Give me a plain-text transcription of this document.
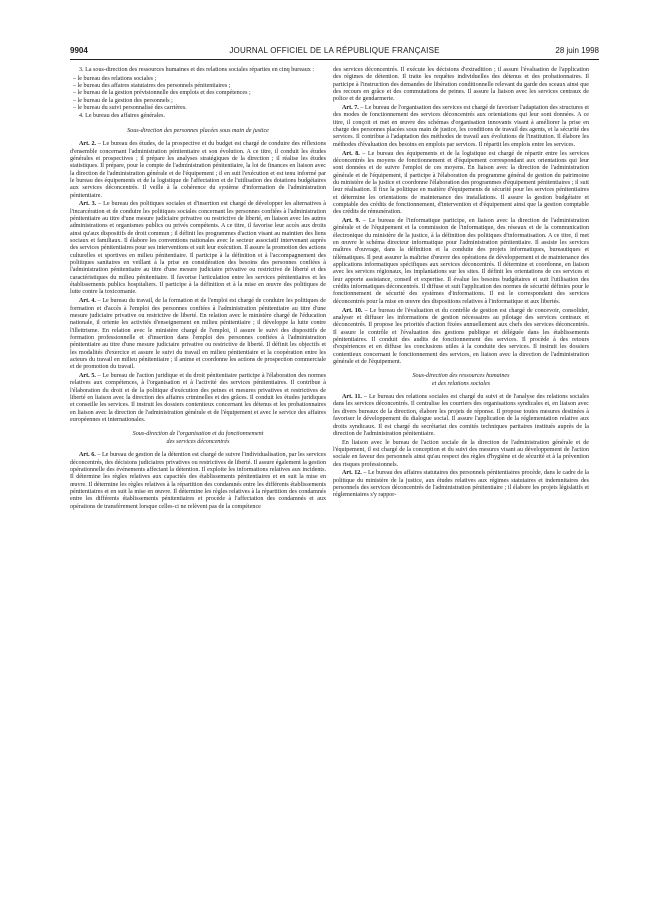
9904	JOURNAL OFFICIEL DE LA RÉPUBLIQUE FRANÇAISE	28 juin 1998

3. La sous-direction des ressources humaines et des relations sociales réparties en cinq bureaux :

– le bureau des relations sociales ;
– le bureau des affaires statutaires des personnels pénitentiaires ;
– le bureau de la gestion prévisionnelle des emplois et des compétences ;
– le bureau de la gestion des personnels ;
– le bureau du suivi personnalisé des carrières.
4. Le bureau des affaires générales.
Sous-direction des personnes placées sous main de justice

Art. 2. – Le bureau des études, de la prospective et du budget est chargé de conduire des réflexions d'ensemble concernant l'administration pénitentiaire et son évolution. A ce titre, il conduit les études générales et prospectives ; il prépare les analyses stratégiques de la direction ; il réalise les études statistiques. Il prépare, pour le compte de l'administration pénitentiaire, la loi de finances en liaison avec la direction de l'administration générale et de l'équipement ; il en suit l'exécution et est tenu informé par le bureau des équipements et de la logistique de l'affectation et de l'utilisation des dotations budgétaires aux services déconcentrés. Il veille à la cohérence du système d'information de l'administration pénitentiaire.

Art. 3. – Le bureau des politiques sociales et d'insertion est chargé de développer les alternatives à l'incarcération et de conduire les politiques sociales concernant les personnes confiées à l'administration pénitentiaire au titre d'une mesure judiciaire privative ou restrictive de liberté, en liaison avec les autres administrations et organismes publics ou privés compétents. A ce titre, il favorise leur accès aux droits ainsi qu'aux dispositifs de droit commun ; il définit les programmes d'action visant au maintien des liens sociaux et familiaux. Il élabore les conventions nationales avec le secteur associatif intervenant auprès des services pénitentiaires pour ses interventions et suit leur exécution. Il assure la promotion des actions culturelles et sportives en milieu pénitentiaire. Il participe à la définition et à l'accompagnement des politiques sanitaires en veillant à la prise en considération des besoins des personnes confiées à l'administration pénitentiaire au titre d'une mesure judiciaire privative ou restrictive de liberté et des caractéristiques du milieu pénitentiaire. Il favorise l'articulation entre les services pénitentiaires et les établissements publics hospitaliers. Il participe à la définition et à la mise en œuvre des politiques de lutte contre la toxicomanie.

Art. 4. – Le bureau du travail, de la formation et de l'emploi est chargé de conduire les politiques de formation et d'accès à l'emploi des personnes confiées à l'administration pénitentiaire au titre d'une mesure judiciaire privative ou restrictive de liberté. En relation avec le ministère chargé de l'éducation nationale, il oriente les activités d'enseignement en milieu pénitentiaire ; il développe la lutte contre l'illettrisme. En relation avec le ministère chargé de l'emploi, il assure le suivi des dispositifs de formation professionnelle et d'insertion dans l'emploi des personnes confiées à l'administration pénitentiaire au titre d'une mesure judiciaire privative ou restrictive de liberté. Il définit les objectifs et les modalités d'exercice et assure le suivi du travail en milieu pénitentiaire et la coopération entre les acteurs du travail en milieu pénitentiaire ; il anime et coordonne les actions de prospection commerciale et de promotion du travail.

Art. 5. – Le bureau de l'action juridique et du droit pénitentiaire participe à l'élaboration des normes relatives aux compétences, à l'organisation et à l'activité des services pénitentiaires. Il contribue à l'élaboration du droit et de la politique d'exécution des peines et mesures privatives et restrictives de liberté en liaison avec la direction des affaires criminelles et des grâces. Il conduit les études juridiques et conseille les services. Il instruit les dossiers contentieux concernant les détenus et les probationnaires en liaison avec la direction de l'administration générale et de l'équipement et avec le service des affaires européennes et internationales.

Sous-direction de l'organisation et du fonctionnement
des services déconcentrés

Art. 6. – Le bureau de gestion de la détention est chargé de suivre l'individualisation, par les services déconcentrés, des décisions judiciaires privatives ou restrictives de liberté. Il assure également la gestion opérationnelle des événements affectant la détention. Il exploite les informations relatives aux incidents. Il détermine les règles relatives aux capacités des établissements pénitentiaires et en suit la mise en œuvre. Il détermine les règles relatives à la répartition des condamnés entre les différents établissements pénitentiaires et en suit la mise en œuvre. Il détermine les règles relatives à la répartition des condamnés entre les différents établissements pénitentiaires et procède à l'affectation des condamnés et aux opérations de transfèrement lorsque celles-ci ne relèvent pas de la compétence

des services déconcentrés. Il exécute les décisions d'extradition ; il assure l'évaluation de l'application des régimes de détention. Il traite les requêtes individuelles des détenus et des probationnaires. Il participe à l'instruction des demandes de libération conditionnelle relevant du garde des sceaux ainsi que des recours en grâce et des commutations de peines. Il assure la liaison avec les services centraux de police et de gendarmerie.

Art. 7. – Le bureau de l'organisation des services est chargé de favoriser l'adaptation des structures et des modes de fonctionnement des services déconcentrés aux orientations qui leur sont données. A ce titre, il conçoit et met en œuvre des schémas d'organisation innovants visant à améliorer la prise en charge des personnes placées sous main de justice, les conditions de travail des agents, et la sécurité des services. Il contribue à l'adaptation des méthodes de travail aux évolutions de l'institution. Il élabore les méthodes d'évaluation des besoins en emplois par services. Il répartit les emplois entre les services.

Art. 8. – Le bureau des équipements et de la logistique est chargé de répartir entre les services déconcentrés les moyens de fonctionnement et d'équipement correspondant aux orientations qui leur sont données et de suivre l'emploi de ces moyens. En liaison avec la direction de l'administration générale et de l'équipement, il participe à l'élaboration du programme général de gestion du patrimoine du ministère de la justice et coordonne l'élaboration des programmes d'équipement pénitentiaires ; il suit leur réalisation. Il fixe la politique en matière d'équipements de sécurité pour les services pénitentiaires et détermine les orientations de maintenance des installations. Il assure la gestion budgétaire et comptable des crédits de fonctionnement, d'intervention et d'équipement ainsi que la gestion comptable des crédits de rémunération.

Art. 9. – Le bureau de l'informatique participe, en liaison avec la direction de l'administration générale et de l'équipement et la commission de l'informatique, des réseaux et de la communication électronique du ministère de la justice, à la définition des politiques d'informatisation. A ce titre, il met en œuvre le schéma directeur informatique pour l'administration pénitentiaire. Il assiste les services maîtres d'ouvrage, dans la définition et la conduite des projets informatiques, bureautiques et télématiques. Il peut assurer la maîtrise d'œuvre des opérations de développement et de maintenance des applications informatiques spécifiques aux services déconcentrés. Il détermine et coordonne, en liaison avec les services régionaux, les implantations sur les sites. Il définit les orientations de ces services et leur apporte assistance, conseil et expertise. Il évalue les besoins budgétaires et suit l'utilisation des crédits informatiques déconcentrés. Il diffuse et suit l'application des normes de sécurité définies pour le fonctionnement de sécurité des systèmes d'informations. Il est le correspondant des services déconcentrés pour la mise en œuvre des dispositions relatives à l'informatique et aux libertés.

Art. 10. – Le bureau de l'évaluation et du contrôle de gestion est chargé de concevoir, consolider, analyser et diffuser les informations de gestion nécessaires au pilotage des services centraux et déconcentrés. Il propose les priorités d'action fixées annuellement aux chefs des services déconcentrés. Il assure le contrôle et l'évaluation des gestions publique et déléguée dans les établissements pénitentiaires. Il conduit des audits de fonctionnement des services. Il procède à des retours d'expériences et en diffuse les conclusions utiles à la conduite des services. Il instruit les dossiers contentieux concernant le fonctionnement des services, en liaison avec la direction de l'administration générale et de l'équipement.

Sous-direction des ressources humaines
et des relations sociales

Art. 11. – Le bureau des relations sociales est chargé du suivi et de l'analyse des relations sociales dans les services déconcentrés. Il centralise les courriers des organisations syndicales et, en liaison avec les divers bureaux de la direction, élabore les projets de réponse. Il propose toutes mesures destinées à favoriser le développement du dialogue social. Il assure l'application de la réglementation relative aux droits syndicaux. Il est chargé du secrétariat des comités techniques paritaires institués auprès de la direction de l'administration pénitentiaire.

En liaison avec le bureau de l'action sociale de la direction de l'administration générale et de l'équipement, il est chargé de la conception et du suivi des mesures visant au développement de l'action sociale en faveur des personnels ainsi qu'au respect des règles d'hygiène et de sécurité et à la prévention des risques professionnels.

Art. 12. – Le bureau des affaires statutaires des personnels pénitentiaires procède, dans le cadre de la politique du ministère de la justice, aux études relatives aux régimes statutaires et indemnitaires des personnels des services déconcentrés de l'administration pénitentiaire ; il élabore les projets législatifs et réglementaires s'y rappor-
